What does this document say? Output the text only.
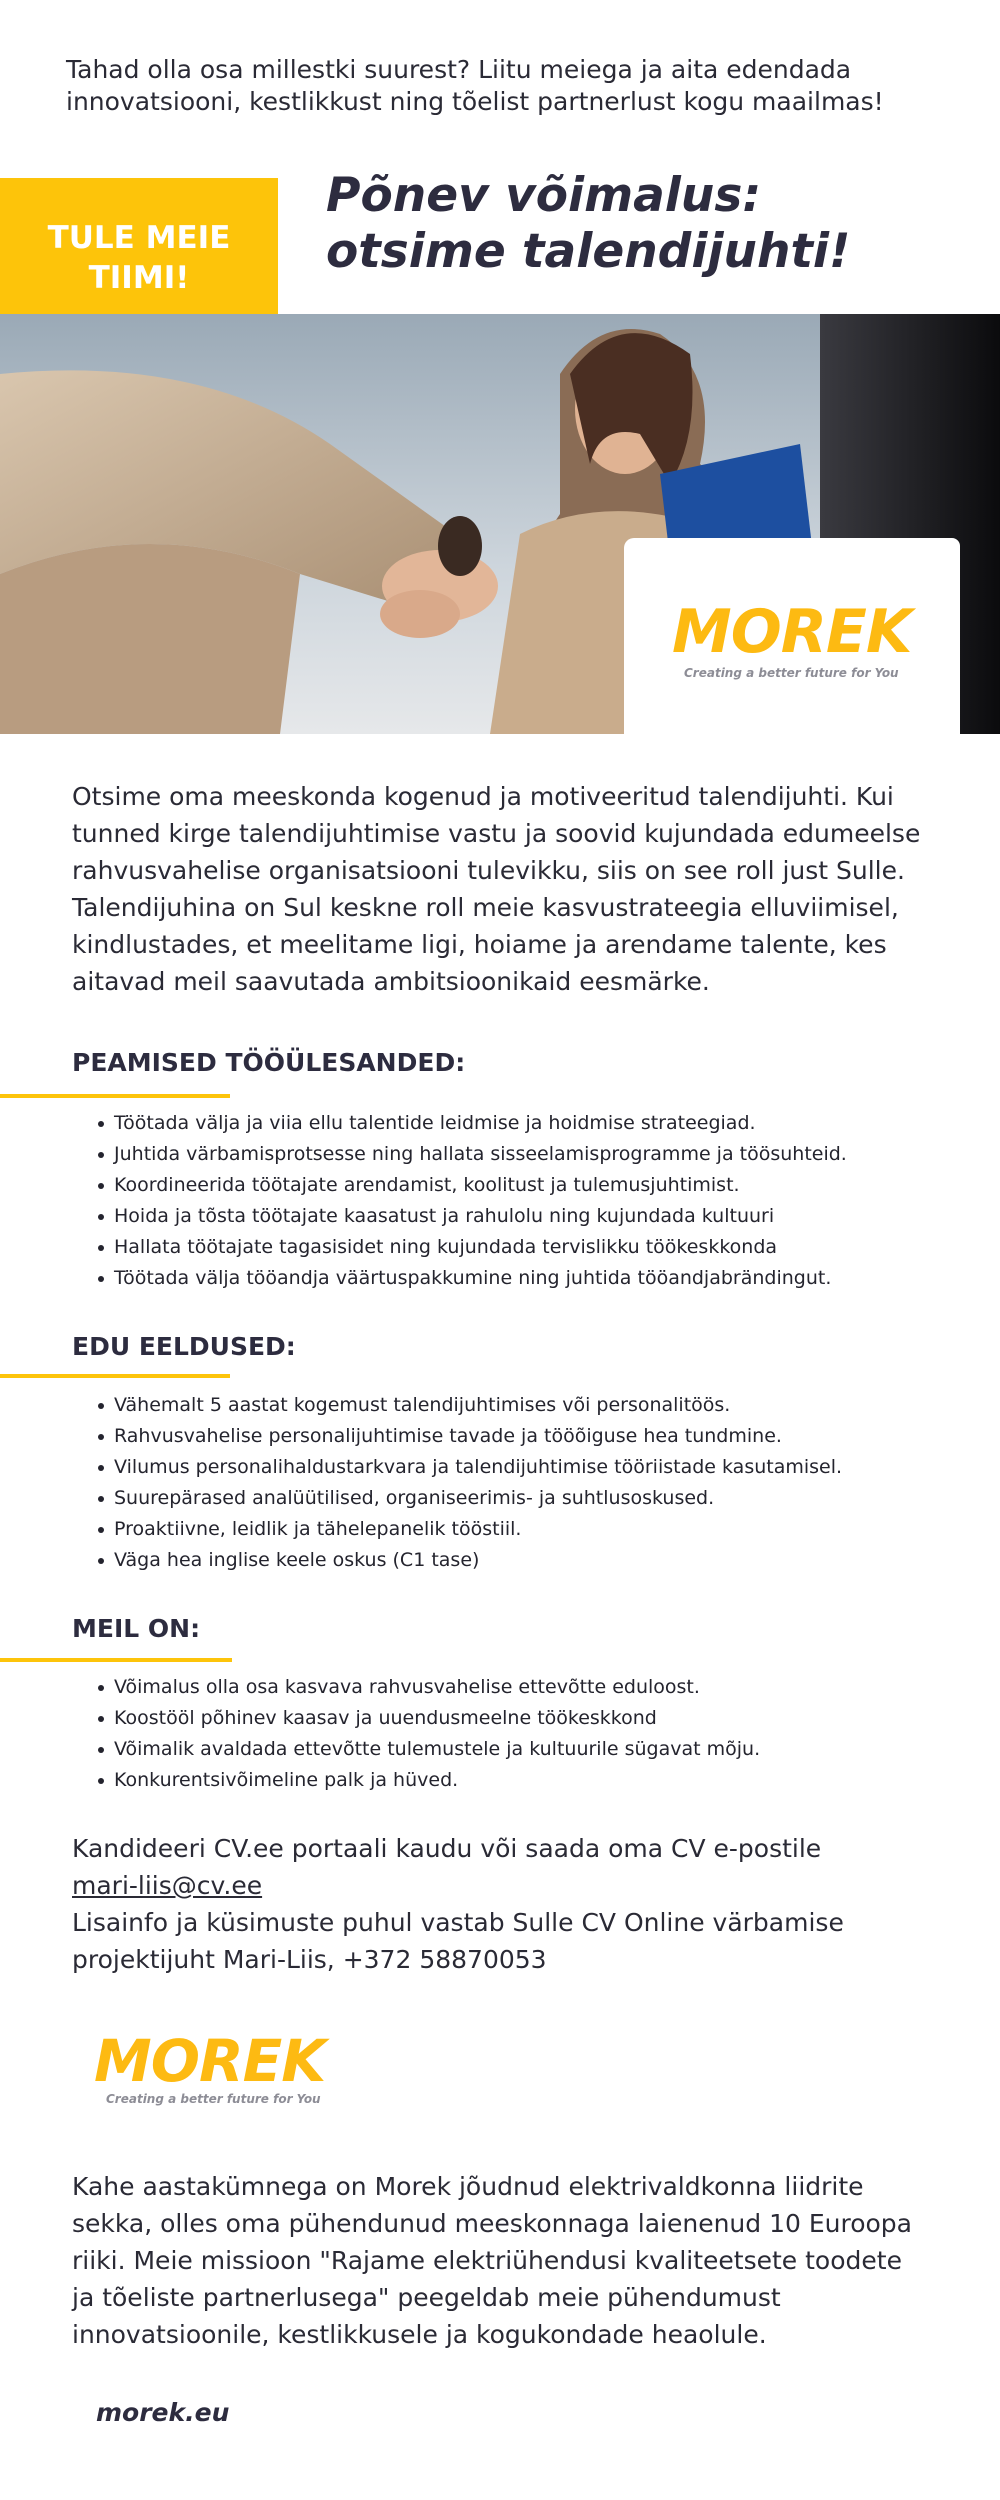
Tahad olla osa millestki suurest? Liitu meiega ja aita edendada innovatsiooni, kestlikkust ning tõelist partnerlust kogu maailmas!
TULE MEIE
TIIMI!
Põnev võimalus:
otsime talendijuhti!
MOREK
Creating a better future for You
Otsime oma meeskonda kogenud ja motiveeritud talendijuhti. Kui tunned kirge talendijuhtimise vastu ja soovid kujundada edumeelse rahvusvahelise organisatsiooni tulevikku, siis on see roll just Sulle. Talendijuhina on Sul keskne roll meie kasvustrateegia elluviimisel, kindlustades, et meelitame ligi, hoiame ja arendame talente, kes aitavad meil saavutada ambitsioonikaid eesmärke.
PEAMISED TÖÖÜLESANDED:
Töötada välja ja viia ellu talentide leidmise ja hoidmise strateegiad.
Juhtida värbamisprotsesse ning hallata sisseelamisprogramme ja töösuhteid.
Koordineerida töötajate arendamist, koolitust ja tulemusjuhtimist.
Hoida ja tõsta töötajate kaasatust ja rahulolu ning kujundada kultuuri
Hallata töötajate tagasisidet ning kujundada tervislikku töökeskkonda
Töötada välja tööandja väärtuspakkumine ning juhtida tööandjabrändingut.
EDU EELDUSED:
Vähemalt 5 aastat kogemust talendijuhtimises või personalitöös.
Rahvusvahelise personalijuhtimise tavade ja tööõiguse hea tundmine.
Vilumus personalihaldustarkvara ja talendijuhtimise tööriistade kasutamisel.
Suurepärased analüütilised, organiseerimis- ja suhtlusoskused.
Proaktiivne, leidlik ja tähelepanelik tööstiil.
Väga hea inglise keele oskus (C1 tase)
MEIL ON:
Võimalus olla osa kasvava rahvusvahelise ettevõtte eduloost.
Koostööl põhinev kaasav ja uuendusmeelne töökeskkond
Võimalik avaldada ettevõtte tulemustele ja kultuurile sügavat mõju.
Konkurentsivõimeline palk ja hüved.
Kandideeri CV.ee portaali kaudu või saada oma CV e-postile
mari-liis@cv.ee
Lisainfo ja küsimuste puhul vastab Sulle CV Online värbamise projektijuht Mari-Liis, +372 58870053
MOREK
Creating a better future for You
Kahe aastakümnega on Morek jõudnud elektrivaldkonna liidrite sekka, olles oma pühendunud meeskonnaga laienenud 10 Euroopa riiki. Meie missioon "Rajame elektriühendusi kvaliteetsete toodete ja tõeliste partnerlusega" peegeldab meie pühendumust innovatsioonile, kestlikkusele ja kogukondade heaolule.
morek.eu
